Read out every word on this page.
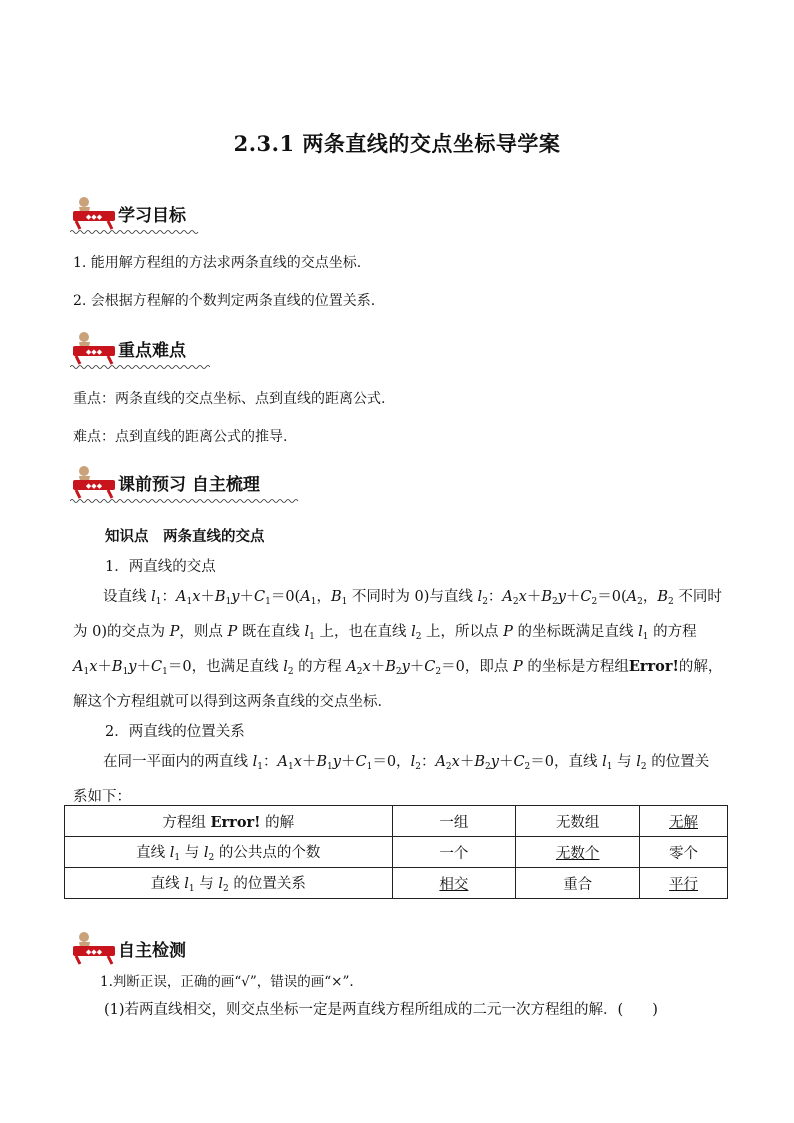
2.3.1 两条直线的交点坐标导学案
◆◆◆ 学习目标
1. 能用解方程组的方法求两条直线的交点坐标.
2. 会根据方程解的个数判定两条直线的位置关系.
◆◆◆ 重点难点
重点：两条直线的交点坐标、点到直线的距离公式.
难点：点到直线的距离公式的推导.
◆◆◆ 课前预习 自主梳理
知识点　两条直线的交点
1．两直线的交点
设直线 $l_1$：$A_1x+B_1y+C_1=0(A_1$，$B_1$ 不同时为 0)与直线 $l_2$：$A_2x+B_2y+C_2=0(A_2$，$B_2$ 不同时为 0)的交点为 P，则点 P 既在直线 $l_1$ 上，也在直线 $l_2$ 上，所以点 P 的坐标既满足直线 $l_1$ 的方程 $A_1x+B_1y+C_1=0$，也满足直线 $l_2$ 的方程 $A_2x+B_2y+C_2=0$，即点 P 的坐标是方程组Error!的解，解这个方程组就可以得到这两条直线的交点坐标．
2．两直线的位置关系
在同一平面内的两直线 $l_1$：$A_1x+B_1y+C_1=0$，$l_2$：$A_2x+B_2y+C_2=0$，直线 $l_1$ 与 $l_2$ 的位置关系如下：
方程组 Error! 的解	一组	无数组	无解
直线 $l_1$ 与 $l_2$ 的公共点的个数	一个	无数个	零个
直线 $l_1$ 与 $l_2$ 的位置关系	相交	重合	平行
◆◆◆ 自主检测
1.判断正误，正确的画“√”，错误的画“×”.
(1)若两直线相交，则交点坐标一定是两直线方程所组成的二元一次方程组的解．(　　)
